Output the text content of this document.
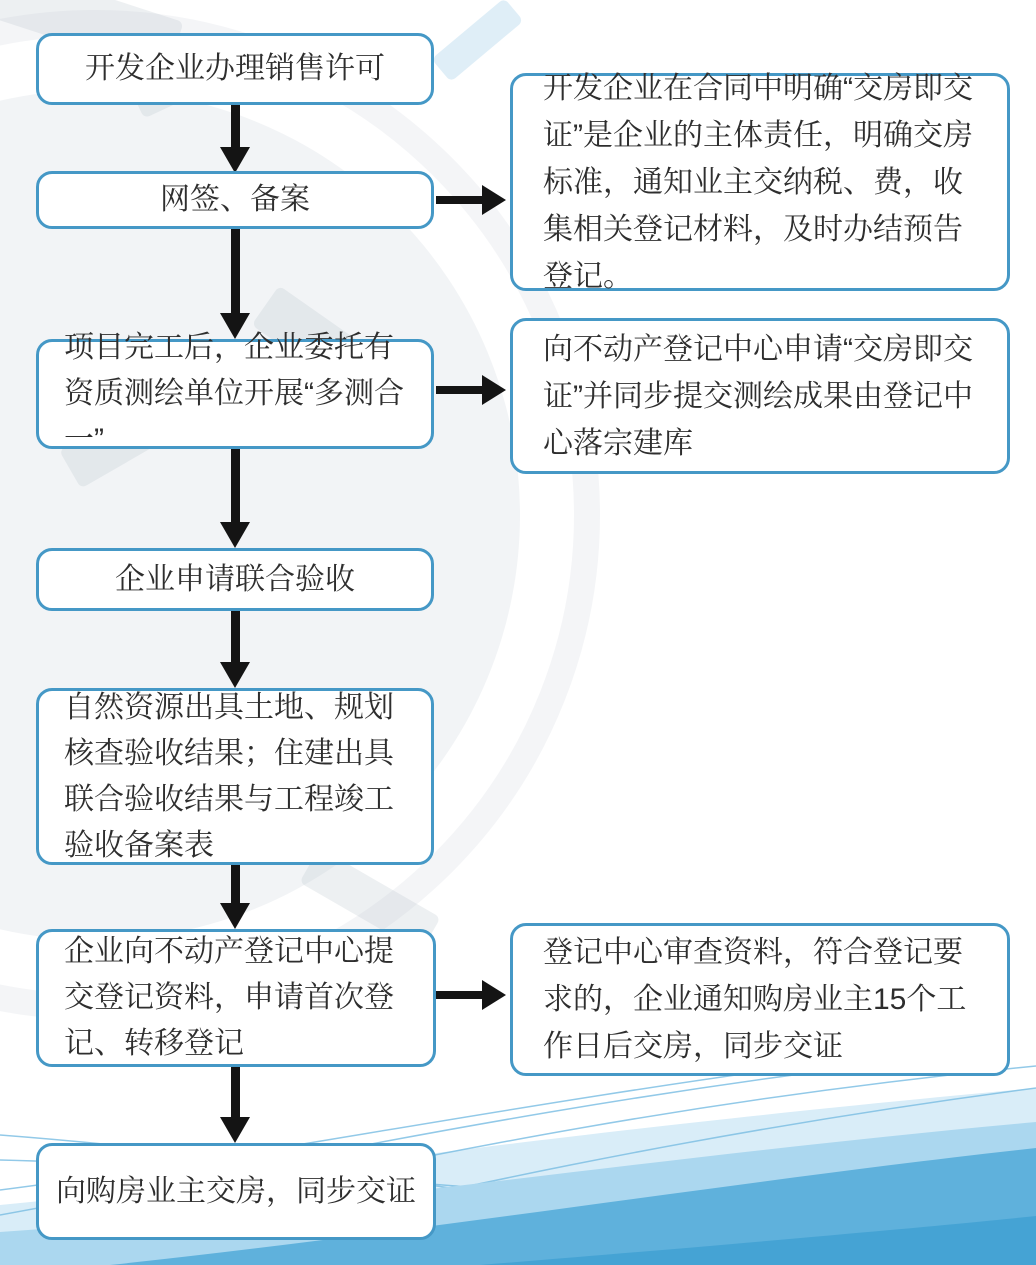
开发企业办理销售许可
网签、备案
项目完工后，企业委托有资质测绘单位开展“多测合一”
企业申请联合验收
自然资源出具土地、规划核查验收结果；住建出具联合验收结果与工程竣工验收备案表
企业向不动产登记中心提交登记资料，申请首次登记、转移登记
向购房业主交房，同步交证
开发企业在合同中明确“交房即交证”是企业的主体责任，明确交房标准，通知业主交纳税、费，收集相关登记材料，及时办结预告登记。
向不动产登记中心申请“交房即交证”并同步提交测绘成果由登记中心落宗建库
登记中心审查资料，符合登记要求的，企业通知购房业主15个工作日后交房，同步交证
